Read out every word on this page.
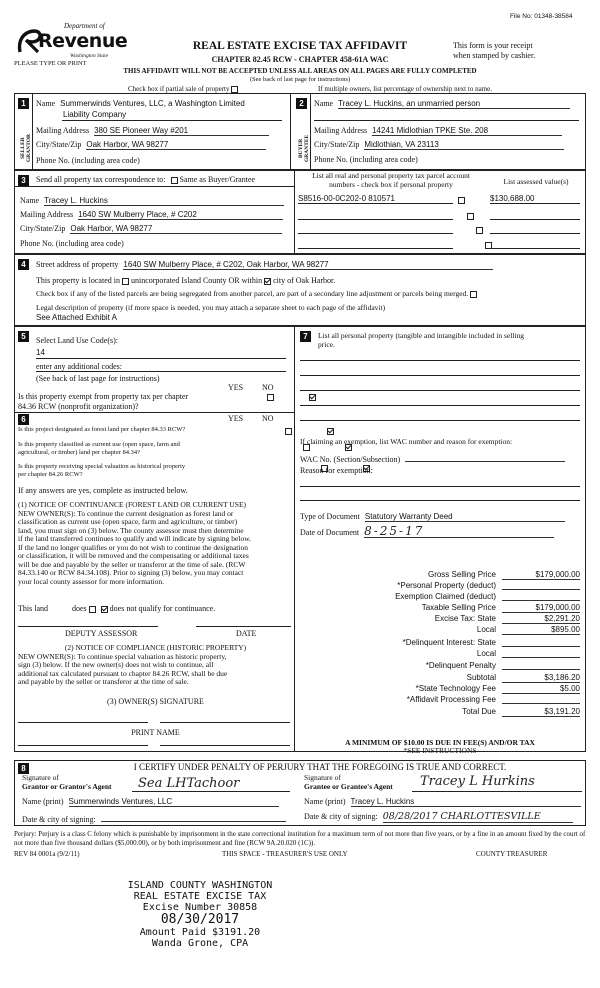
File No: 01348-38584
Department of
Revenue
Washington State
PLEASE TYPE OR PRINT
REAL ESTATE EXCISE TAX AFFIDAVIT
CHAPTER 82.45 RCW - CHAPTER 458-61A WAC
This form is your receipt
when stamped by cashier.
THIS AFFIDAVIT WILL NOT BE ACCEPTED UNLESS ALL AREAS ON ALL PAGES ARE FULLY COMPLETED
(See back of last page for instructions)
Check box if partial sale of property	If multiple owners, list percentage of ownership next to name.
1
SELLER GRANTOR
Name Summerwinds Ventures, LLC, a Washington Limited
Liability Company
Mailing Address 380 SE Pioneer Way #201
City/State/Zip Oak Harbor, WA 98277
Phone No. (including area code)
2
BUYER GRANTEE
Name Tracey L. Huckins, an unmarried person
Mailing Address 14241 Midlothian TPKE Ste. 208
City/State/Zip Midlothian, VA 23113
Phone No. (including area code)
3	Send all property tax correspondence to: Same as Buyer/Grantee
Name Tracey L. Huckins
Mailing Address 1640 SW Mulberry Place, # C202
City/State/Zip Oak Harbor, WA 98277
Phone No. (including area code)
List all real and personal property tax parcel account
numbers - check box if personal property	List assessed value(s)
S8516-00-0C202-0 810571
	$130,688.00

4	Street address of property 1640 SW Mulberry Place, # C202, Oak Harbor, WA 98277
This property is located in unincorporated Island County OR within city of Oak Harbor.
Check box if any of the listed parcels are being segregated from another parcel, are part of a secondary line adjustment or parcels being merged.
Legal description of property (if more space is needed, you may attach a separate sheet to each page of the affidavit)
See Attached Exhibit A
5	Select Land Use Code(s):
14
enter any additional codes:
(See back of last page for instructions)
YES NO
Is this property exempt from property tax per chapter
84.36 RCW (nonprofit organization)?

6	YES NO
Is this project designated as forest land per chapter 84.33 RCW?

Is this property classified as current use (open space, farm and
agricultural, or timber) land per chapter 84.34?

Is this property receiving special valuation as historical property
per chapter 84.26 RCW?

If any answers are yes, complete as instructed below.
(1) NOTICE OF CONTINUANCE (FOREST LAND OR CURRENT USE)
NEW OWNER(S): To continue the current designation as forest land or
classification as current use (open space, farm and agriculture, or timber)
land, you must sign on (3) below. The county assessor must then determine
if the land transferred continues to qualify and will indicate by signing below.
If the land no longer qualifies or you do not wish to continue the designation
or classification, it will be removed and the compensating or additional taxes
will be due and payable by the seller or transferor at the time of sale. (RCW
84.33.140 or RCW 84.34.108). Prior to signing (3) below, you may contact
your local county assessor for more information.
This land	does	does not qualify for continuance.
DEPUTY ASSESSOR	DATE
(2) NOTICE OF COMPLIANCE (HISTORIC PROPERTY)
NEW OWNER(S): To continue special valuation as historic property,
sign (3) below. If the new owner(s) does not wish to continue, all
additional tax calculated pursuant to chapter 84.26 RCW, shall be due
and payable by the seller or transferor at the time of sale.
(3) OWNER(S) SIGNATURE
PRINT NAME
7	List all personal property (tangible and intangible included in selling
price.
If claiming an exemption, list WAC number and reason for exemption:
WAC No. (Section/Subsection)
Reason for exemption:
Type of Document Statutory Warranty Deed
Date of Document 8-25-17
Gross Selling Price	$179,000.00
*Personal Property (deduct)
Exemption Claimed (deduct)
Taxable Selling Price	$179,000.00
Excise Tax: State	$2,291.20
Local	$895.00
*Delinquent Interest: State
Local
*Delinquent Penalty
Subtotal	$3,186.20
*State Technology Fee	$5.00
*Affidavit Processing Fee
Total Due	$3,191.20
A MINIMUM OF $10.00 IS DUE IN FEE(S) AND/OR TAX
*SEE INSTRUCTIONS
8	I CERTIFY UNDER PENALTY OF PERJURY THAT THE FOREGOING IS TRUE AND CORRECT.
Signature of
Grantor or Grantor's Agent Sea LHTachoor
Name (print) Summerwinds Ventures, LLC
Date & city of signing:
Signature of
Grantee or Grantee's Agent Tracey L Hurkins
Name (print) Tracey L. Huckins
Date & city of signing: 08/28/2017 CHARLOTTESVILLE
Perjury: Perjury is a class C felony which is punishable by imprisonment in the state correctional institution for a maximum term of not more than five years, or by a fine in an amount fixed by the court of not more than five thousand dollars ($5,000.00), or by both imprisonment and fine (RCW 9A.20.020 (1C)).
REV 84 0001a (9/2/11)	THIS SPACE - TREASURER'S USE ONLY	COUNTY TREASURER
ISLAND COUNTY WASHINGTON
REAL ESTATE EXCISE TAX
Excise Number 30858
08/30/2017
Amount Paid $3191.20
Wanda Grone, CPA
